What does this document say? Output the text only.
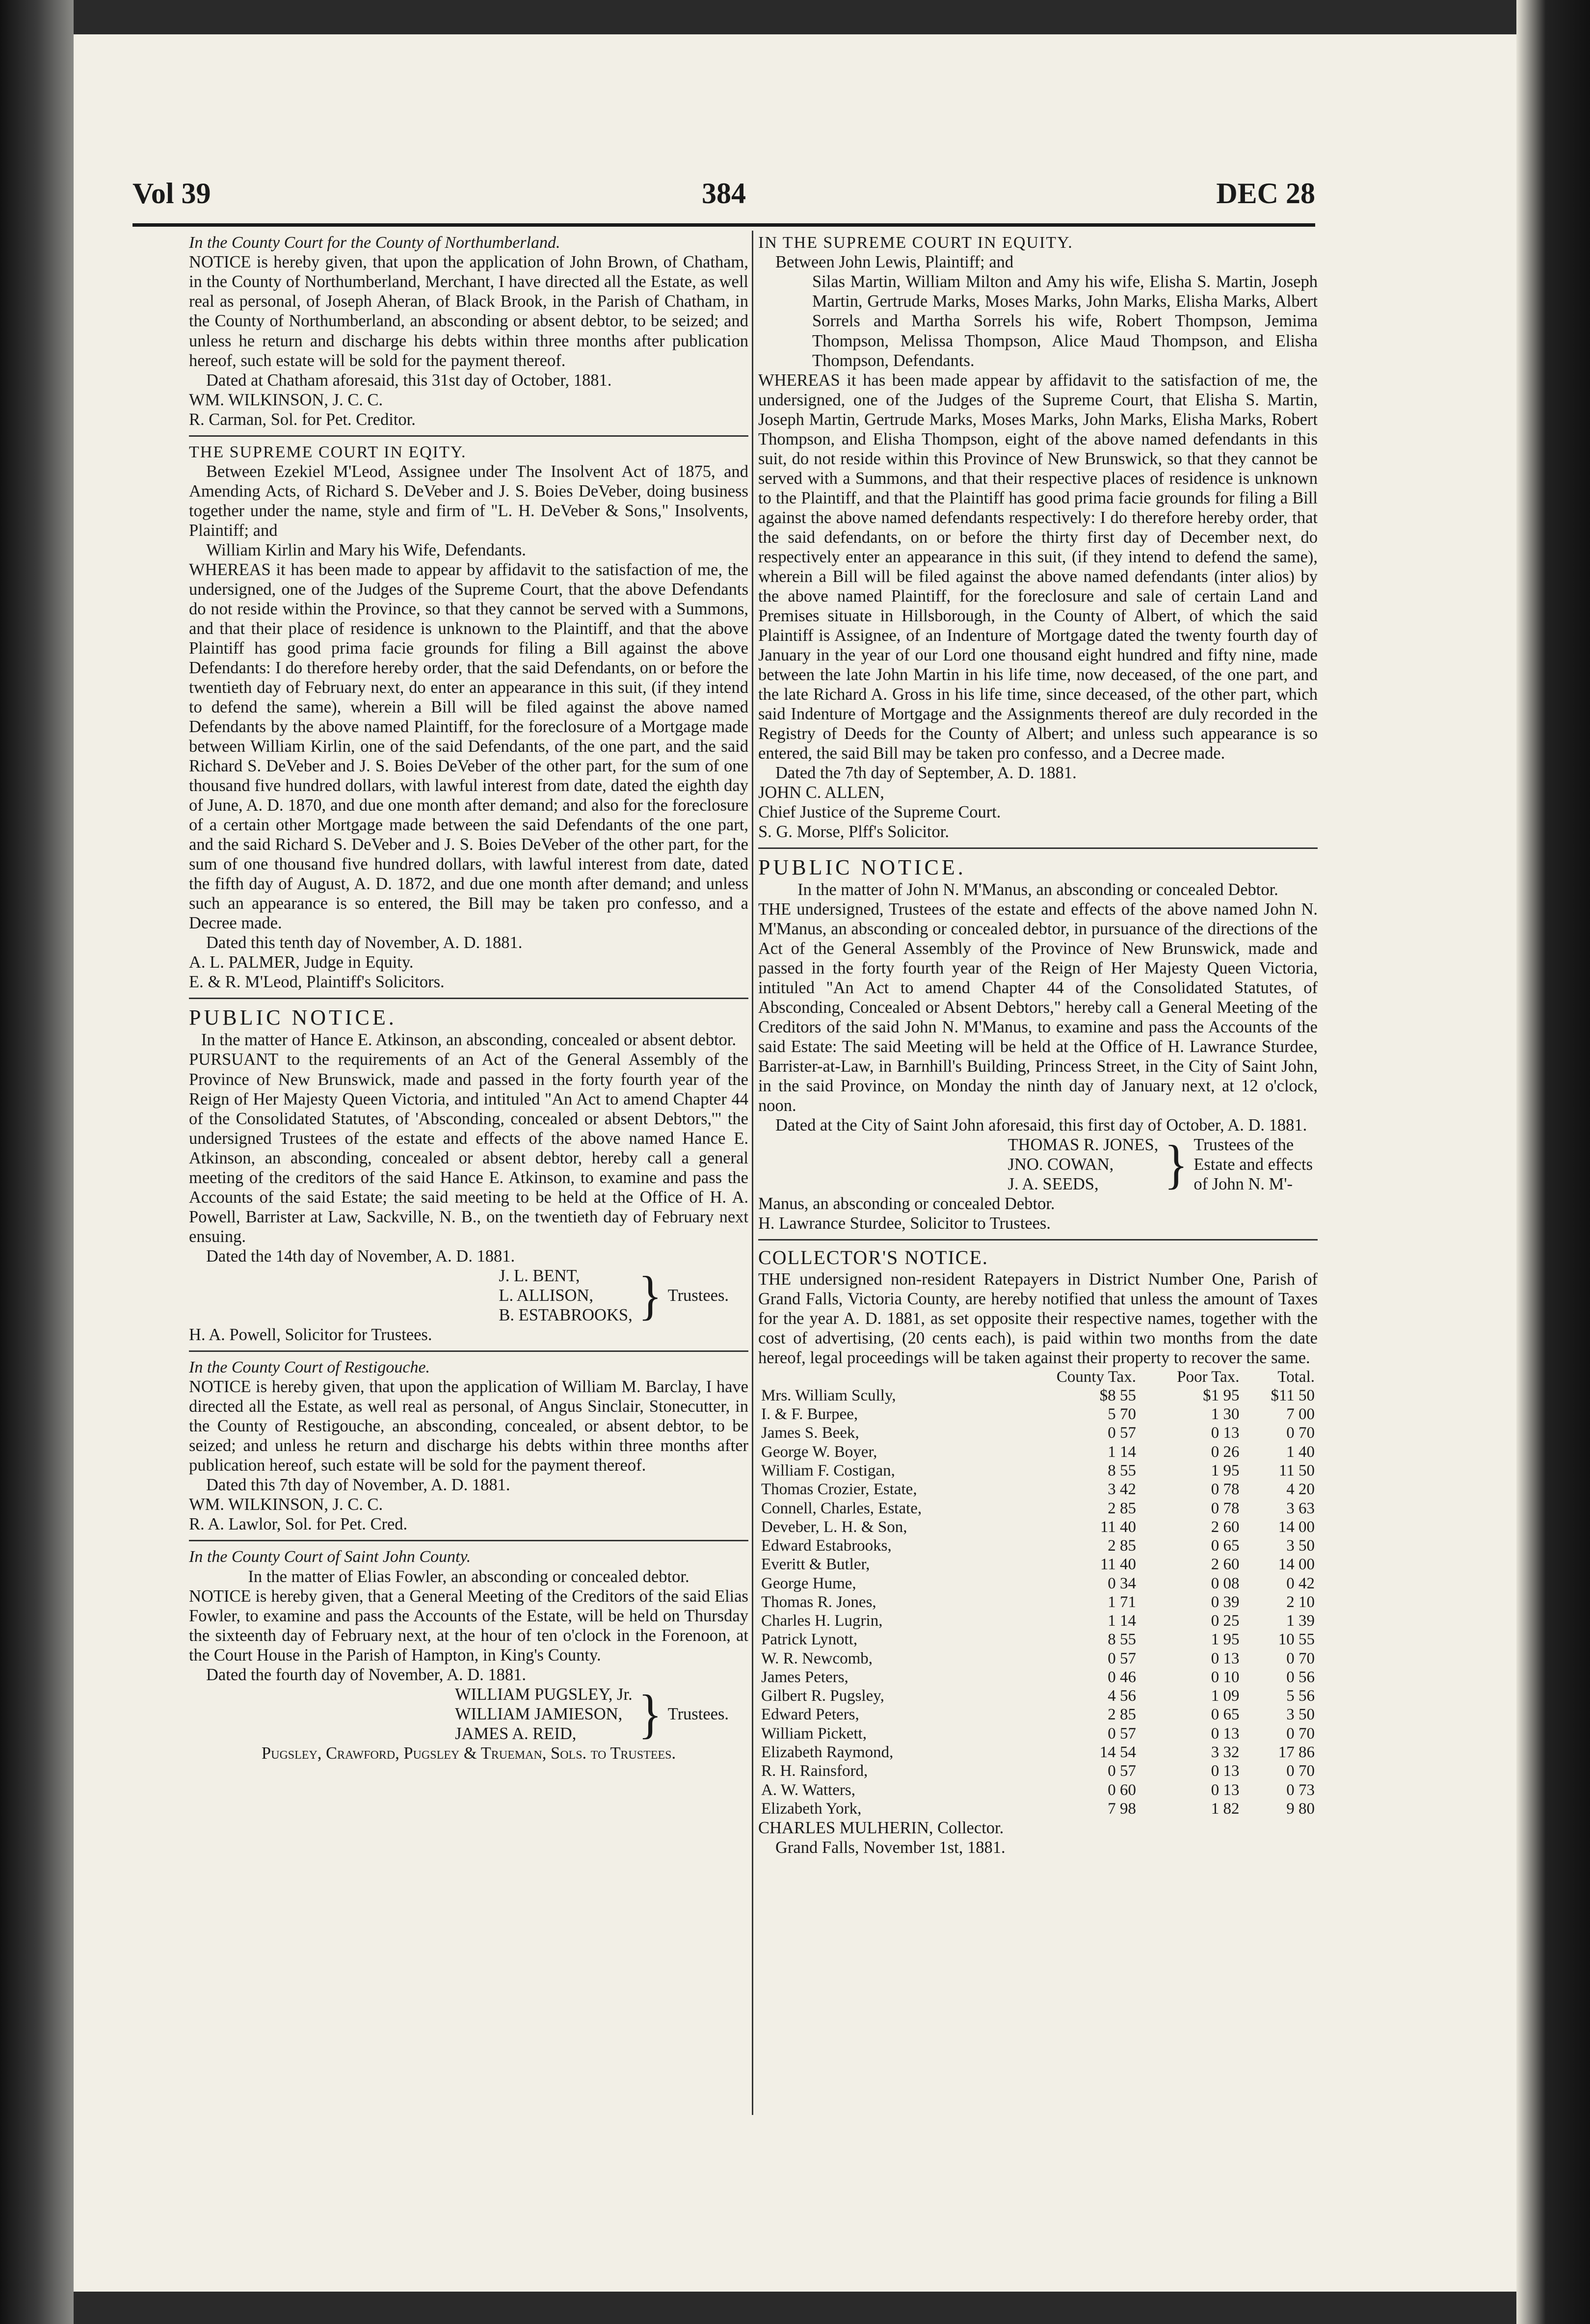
Vol 39	384	DEC 28

In the County Court for the County of Northumberland.

NOTICE is hereby given, that upon the application of John Brown, of Chatham, in the County of Northumberland, Merchant, I have directed all the Estate, as well real as personal, of Joseph Aheran, of Black Brook, in the Parish of Chatham, in the County of Northumberland, an absconding or absent debtor, to be seized; and unless he return and discharge his debts within three months after publication hereof, such estate will be sold for the payment thereof.

Dated at Chatham aforesaid, this 31st day of October, 1881.

WM. WILKINSON, J. C. C.

R. Carman, Sol. for Pet. Creditor.

THE SUPREME COURT IN EQITY.

Between Ezekiel M'Leod, Assignee under The Insolvent Act of 1875, and Amending Acts, of Richard S. DeVeber and J. S. Boies DeVeber, doing business together under the name, style and firm of "L. H. DeVeber & Sons," Insolvents, Plaintiff; and

William Kirlin and Mary his Wife, Defendants.

WHEREAS it has been made to appear by affidavit to the satisfaction of me, the undersigned, one of the Judges of the Supreme Court, that the above Defendants do not reside within the Province, so that they cannot be served with a Summons, and that their place of residence is unknown to the Plaintiff, and that the above Plaintiff has good prima facie grounds for filing a Bill against the above Defendants: I do therefore hereby order, that the said Defendants, on or before the twentieth day of February next, do enter an appearance in this suit, (if they intend to defend the same), wherein a Bill will be filed against the above named Defendants by the above named Plaintiff, for the foreclosure of a Mortgage made between William Kirlin, one of the said Defendants, of the one part, and the said Richard S. DeVeber and J. S. Boies DeVeber of the other part, for the sum of one thousand five hundred dollars, with lawful interest from date, dated the eighth day of June, A. D. 1870, and due one month after demand; and also for the foreclosure of a certain other Mortgage made between the said Defendants of the one part, and the said Richard S. DeVeber and J. S. Boies DeVeber of the other part, for the sum of one thousand five hundred dollars, with lawful interest from date, dated the fifth day of August, A. D. 1872, and due one month after demand; and unless such an appearance is so entered, the Bill may be taken pro confesso, and a Decree made.

Dated this tenth day of November, A. D. 1881.

A. L. PALMER, Judge in Equity.

E. & R. M'Leod, Plaintiff's Solicitors.

PUBLIC NOTICE.

In the matter of Hance E. Atkinson, an absconding, concealed or absent debtor.

PURSUANT to the requirements of an Act of the General Assembly of the Province of New Brunswick, made and passed in the forty fourth year of the Reign of Her Majesty Queen Victoria, and intituled "An Act to amend Chapter 44 of the Consolidated Statutes, of 'Absconding, concealed or absent Debtors,'" the undersigned Trustees of the estate and effects of the above named Hance E. Atkinson, an absconding, concealed or absent debtor, hereby call a general meeting of the creditors of the said Hance E. Atkinson, to examine and pass the Accounts of the said Estate; the said meeting to be held at the Office of H. A. Powell, Barrister at Law, Sackville, N. B., on the twentieth day of February next ensuing.

Dated the 14th day of November, A. D. 1881.

J. L. BENT,

L. ALLISON,

B. ESTABROOKS, } Trustees.

H. A. Powell, Solicitor for Trustees.

In the County Court of Restigouche.

NOTICE is hereby given, that upon the application of William M. Barclay, I have directed all the Estate, as well real as personal, of Angus Sinclair, Stonecutter, in the County of Restigouche, an absconding, concealed, or absent debtor, to be seized; and unless he return and discharge his debts within three months after publication hereof, such estate will be sold for the payment thereof.

Dated this 7th day of November, A. D. 1881.

WM. WILKINSON, J. C. C.

R. A. Lawlor, Sol. for Pet. Cred.

In the County Court of Saint John County.

In the matter of Elias Fowler, an absconding or concealed debtor.

NOTICE is hereby given, that a General Meeting of the Creditors of the said Elias Fowler, to examine and pass the Accounts of the Estate, will be held on Thursday the sixteenth day of February next, at the hour of ten o'clock in the Forenoon, at the Court House in the Parish of Hampton, in King's County.

Dated the fourth day of November, A. D. 1881.

WILLIAM PUGSLEY, Jr.

WILLIAM JAMIESON,

JAMES A. REID,	} Trustees.

Pugsley, Crawford, Pugsley & Trueman, Sols. to Trustees.

IN THE SUPREME COURT IN EQUITY.

Between John Lewis, Plaintiff; and

Silas Martin, William Milton and Amy his wife, Elisha S. Martin, Joseph Martin, Gertrude Marks, Moses Marks, John Marks, Elisha Marks, Albert Sorrels and Martha Sorrels his wife, Robert Thompson, Jemima Thompson, Melissa Thompson, Alice Maud Thompson, and Elisha Thompson, Defendants.

WHEREAS it has been made appear by affidavit to the satisfaction of me, the undersigned, one of the Judges of the Supreme Court, that Elisha S. Martin, Joseph Martin, Gertrude Marks, Moses Marks, John Marks, Elisha Marks, Robert Thompson, and Elisha Thompson, eight of the above named defendants in this suit, do not reside within this Province of New Brunswick, so that they cannot be served with a Summons, and that their respective places of residence is unknown to the Plaintiff, and that the Plaintiff has good prima facie grounds for filing a Bill against the above named defendants respectively: I do therefore hereby order, that the said defendants, on or before the thirty first day of December next, do respectively enter an appearance in this suit, (if they intend to defend the same), wherein a Bill will be filed against the above named defendants (inter alios) by the above named Plaintiff, for the foreclosure and sale of certain Land and Premises situate in Hillsborough, in the County of Albert, of which the said Plaintiff is Assignee, of an Indenture of Mortgage dated the twenty fourth day of January in the year of our Lord one thousand eight hundred and fifty nine, made between the late John Martin in his life time, now deceased, of the one part, and the late Richard A. Gross in his life time, since deceased, of the other part, which said Indenture of Mortgage and the Assignments thereof are duly recorded in the Registry of Deeds for the County of Albert; and unless such appearance is so entered, the said Bill may be taken pro confesso, and a Decree made.

Dated the 7th day of September, A. D. 1881.

JOHN C. ALLEN,

Chief Justice of the Supreme Court.

S. G. Morse, Plff's Solicitor.

PUBLIC NOTICE.

In the matter of John N. M'Manus, an absconding or concealed Debtor.

THE undersigned, Trustees of the estate and effects of the above named John N. M'Manus, an absconding or concealed debtor, in pursuance of the directions of the Act of the General Assembly of the Province of New Brunswick, made and passed in the forty fourth year of the Reign of Her Majesty Queen Victoria, intituled "An Act to amend Chapter 44 of the Consolidated Statutes, of Absconding, Concealed or Absent Debtors," hereby call a General Meeting of the Creditors of the said John N. M'Manus, to examine and pass the Accounts of the said Estate: The said Meeting will be held at the Office of H. Lawrance Sturdee, Barrister-at-Law, in Barnhill's Building, Princess Street, in the City of Saint John, in the said Province, on Monday the ninth day of January next, at 12 o'clock, noon.

Dated at the City of Saint John aforesaid, this first day of October, A. D. 1881.

THOMAS R. JONES,

JNO. COWAN,

J. A. SEEDS,	} Trustees of the

Estate and effects

of John N. M'-

Manus, an absconding or concealed Debtor.

H. Lawrance Sturdee, Solicitor to Trustees.

COLLECTOR'S NOTICE.

THE undersigned non-resident Ratepayers in District Number One, Parish of Grand Falls, Victoria County, are hereby notified that unless the amount of Taxes for the year A. D. 1881, as set opposite their respective names, together with the cost of advertising, (20 cents each), is paid within two months from the date hereof, legal proceedings will be taken against their property to recover the same.

	County Tax.	Poor Tax.	Total.
Mrs. William Scully,	$8 55	$1 95	$11 50
I. & F. Burpee,	5 70	1 30	7 00
James S. Beek,	0 57	0 13	0 70
George W. Boyer,	1 14	0 26	1 40
William F. Costigan,	8 55	1 95	11 50
Thomas Crozier, Estate,	3 42	0 78	4 20
Connell, Charles, Estate,	2 85	0 78	3 63
Deveber, L. H. & Son,	11 40	2 60	14 00
Edward Estabrooks,	2 85	0 65	3 50
Everitt & Butler,	11 40	2 60	14 00
George Hume,	0 34	0 08	0 42
Thomas R. Jones,	1 71	0 39	2 10
Charles H. Lugrin,	1 14	0 25	1 39
Patrick Lynott,	8 55	1 95	10 55
W. R. Newcomb,	0 57	0 13	0 70
James Peters,	0 46	0 10	0 56
Gilbert R. Pugsley,	4 56	1 09	5 56
Edward Peters,	2 85	0 65	3 50
William Pickett,	0 57	0 13	0 70
Elizabeth Raymond,	14 54	3 32	17 86
R. H. Rainsford,	0 57	0 13	0 70
A. W. Watters,	0 60	0 13	0 73
Elizabeth York,	7 98	1 82	9 80

CHARLES MULHERIN, Collector.

Grand Falls, November 1st, 1881.
